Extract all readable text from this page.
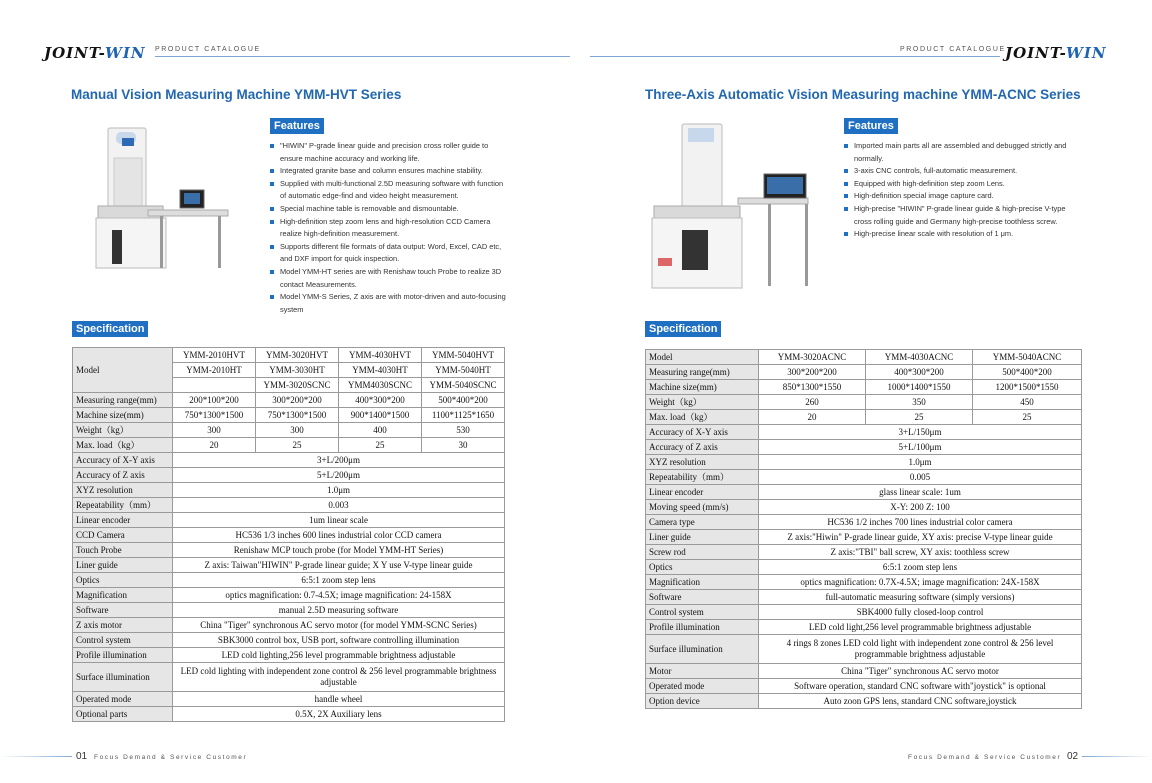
JOINT-WIN PRODUCT CATALOGUE	PRODUCT CATALOGUE JOINT-WIN
Manual Vision Measuring Machine YMM-HVT Series
Features
"HIWIN" P-grade linear guide and precision cross roller guide to ensure machine accuracy and working life.
Integrated granite base and column ensures machine stability.
Supplied with multi-functional 2.5D measuring software with function of automatic edge-find and video height measurement.
Special machine table is removable and dismountable.
High-definition step zoom lens and high-resolution CCD Camera realize high-definition measurement.
Supports different file formats of data output: Word, Excel, CAD etc, and DXF import for quick inspection.
Model YMM-HT series are with Renishaw touch Probe to realize 3D contact Measurements.
Model YMM-S Series, Z axis are with motor-driven and auto-focusing system
Specification
Model	YMM-2010HVT	YMM-3020HVT	YMM-4030HVT	YMM-5040HVT
	YMM-2010HT	YMM-3030HT	YMM-4030HT	YMM-5040HT
		YMM-3020SCNC	YMM4030SCNC	YMM-5040SCNC
Measuring range(mm)	200*100*200	300*200*200	400*300*200	500*400*200
Machine size(mm)	750*1300*1500	750*1300*1500	900*1400*1500	1100*1125*1650
Weight（kg）	300	300	400	530
Max. load（kg）	20	25	25	30
Accuracy of X-Y axis	3+L/200μm			
Accuracy of Z axis	5+L/200μm			
XYZ resolution	1.0μm			
Repeatability（mm）	0.003			
Linear encoder	1um linear scale			
CCD Camera	HC536 1/3 inches 600 lines industrial color CCD camera			
Touch Probe	Renishaw MCP touch probe (for Model YMM-HT Series)			
Liner guide	Z axis: Taiwan"HIWIN" P-grade linear guide; X Y use V-type linear guide			
Optics	6:5:1 zoom step lens			
Magnification	optics magnification: 0.7-4.5X; image magnification: 24-158X			
Software	manual 2.5D measuring software			
Z axis motor	China "Tiger" synchronous AC servo motor (for model YMM-SCNC Series)			
Control system	SBK3000 control box, USB port, software controlling illumination			
Profile illumination	LED cold lighting,256 level programmable brightness adjustable			
Surface illumination	LED cold lighting with independent zone control & 256 level programmable brightness adjustable			
Operated mode	handle wheel			
Optional parts	0.5X, 2X Auxiliary lens			
Three-Axis Automatic Vision Measuring machine YMM-ACNC Series
Features
Imported main parts all are assembled and debugged strictly and normally.
3-axis CNC controls, full-automatic measurement.
Equipped with high-definition step zoom Lens.
High-definition special image capture card.
High-precise "HIWIN" P-grade linear guide & high-precise V-type cross rolling guide and Germany high-precise toothless screw.
High-precise linear scale with resolution of 1 μm.
Specification
Model	YMM-3020ACNC	YMM-4030ACNC	YMM-5040ACNC
Measuring range(mm)	300*200*200	400*300*200	500*400*200
Machine size(mm)	850*1300*1550	1000*1400*1550	1200*1500*1550
Weight（kg）	260	350	450
Max. load（kg）	20	25	25
Accuracy of X-Y axis	3+L/150μm		
Accuracy of Z axis	5+L/100μm		
XYZ resolution	1.0μm		
Repeatability（mm）	0.005		
Linear encoder	glass linear scale: 1um		
Moving speed (mm/s)	X-Y: 200 Z: 100		
Camera type	HC536 1/2 inches 700 lines industrial color camera		
Liner guide	Z axis:"Hiwin" P-grade linear guide, XY axis: precise V-type linear guide		
Screw rod	Z axis:"TBI" ball screw, XY axis: toothless screw		
Optics	6:5:1 zoom step lens		
Magnification	optics magnification: 0.7X-4.5X; image magnification: 24X-158X		
Software	full-automatic measuring software (simply versions)		
Control system	SBK4000 fully closed-loop control		
Profile illumination	LED cold light,256 level programmable brightness adjustable		
Surface illumination	4 rings 8 zones LED cold light with independent zone control & 256 level programmable brightness adjustable		
Motor	China "Tiger" synchronous AC servo motor		
Operated mode	Software operation, standard CNC software with"joystick" is optional		
Option device	Auto zoon GPS lens, standard CNC software,joystick		
01 Focus Demand & Service Customer	Focus Demand & Service Customer 02
